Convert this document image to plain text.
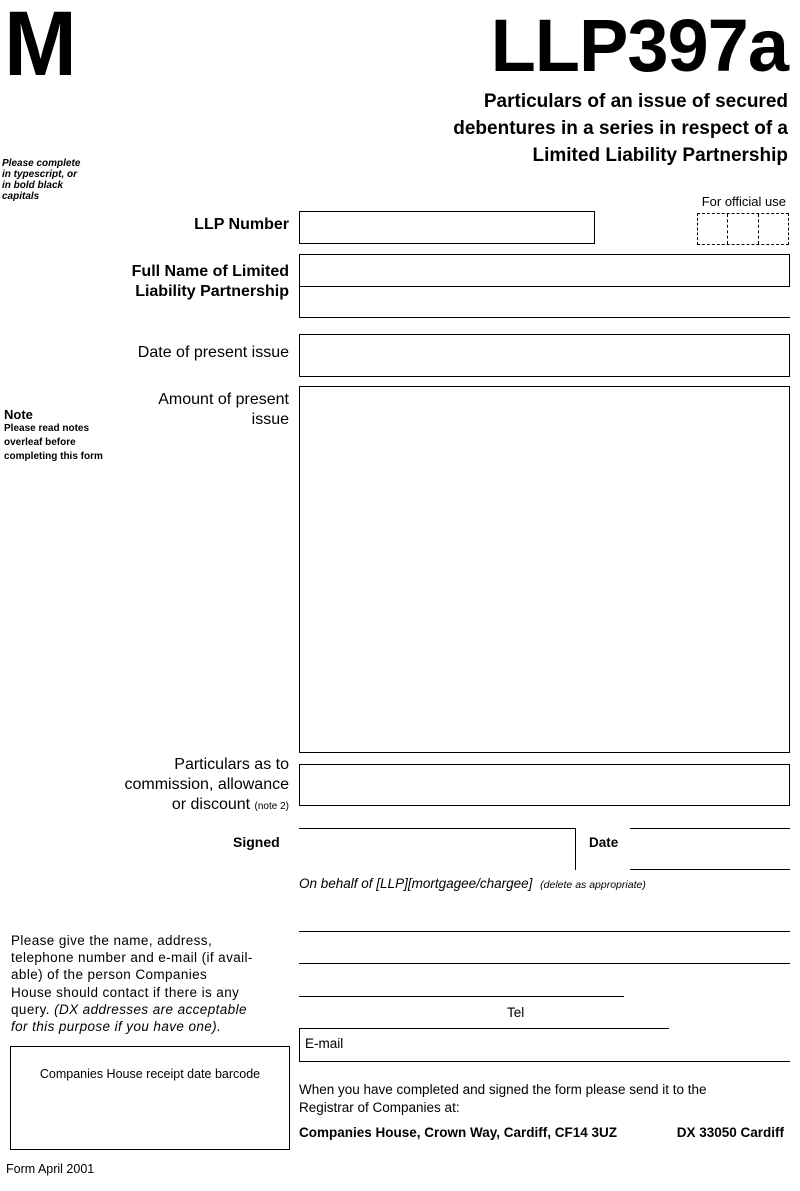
M	LLP397a
Particulars of an issue of secured
debentures in a series in respect of a
Limited Liability Partnership
Please complete
in typescript, or
in bold black
capitals	For official use
LLP Number
Full Name of Limited
Liability Partnership
Date of present issue
Amount of present
issue
Note
Please read notes
overleaf before
completing this form
Particulars as to
commission, allowance
or discount (note 2)
Signed	Date
On behalf of [LLP][mortgagee/chargee] (delete as appropriate)
Please give the name, address,
telephone number and e-mail (if avail-
able) of the person Companies
House should contact if there is any
query. (DX addresses are acceptable
for this purpose if you have one).
Tel
E-mail
Companies House receipt date barcode
When you have completed and signed the form please send it to the
Registrar of Companies at:
Companies House, Crown Way, Cardiff, CF14 3UZ	DX 33050 Cardiff
Form April 2001
